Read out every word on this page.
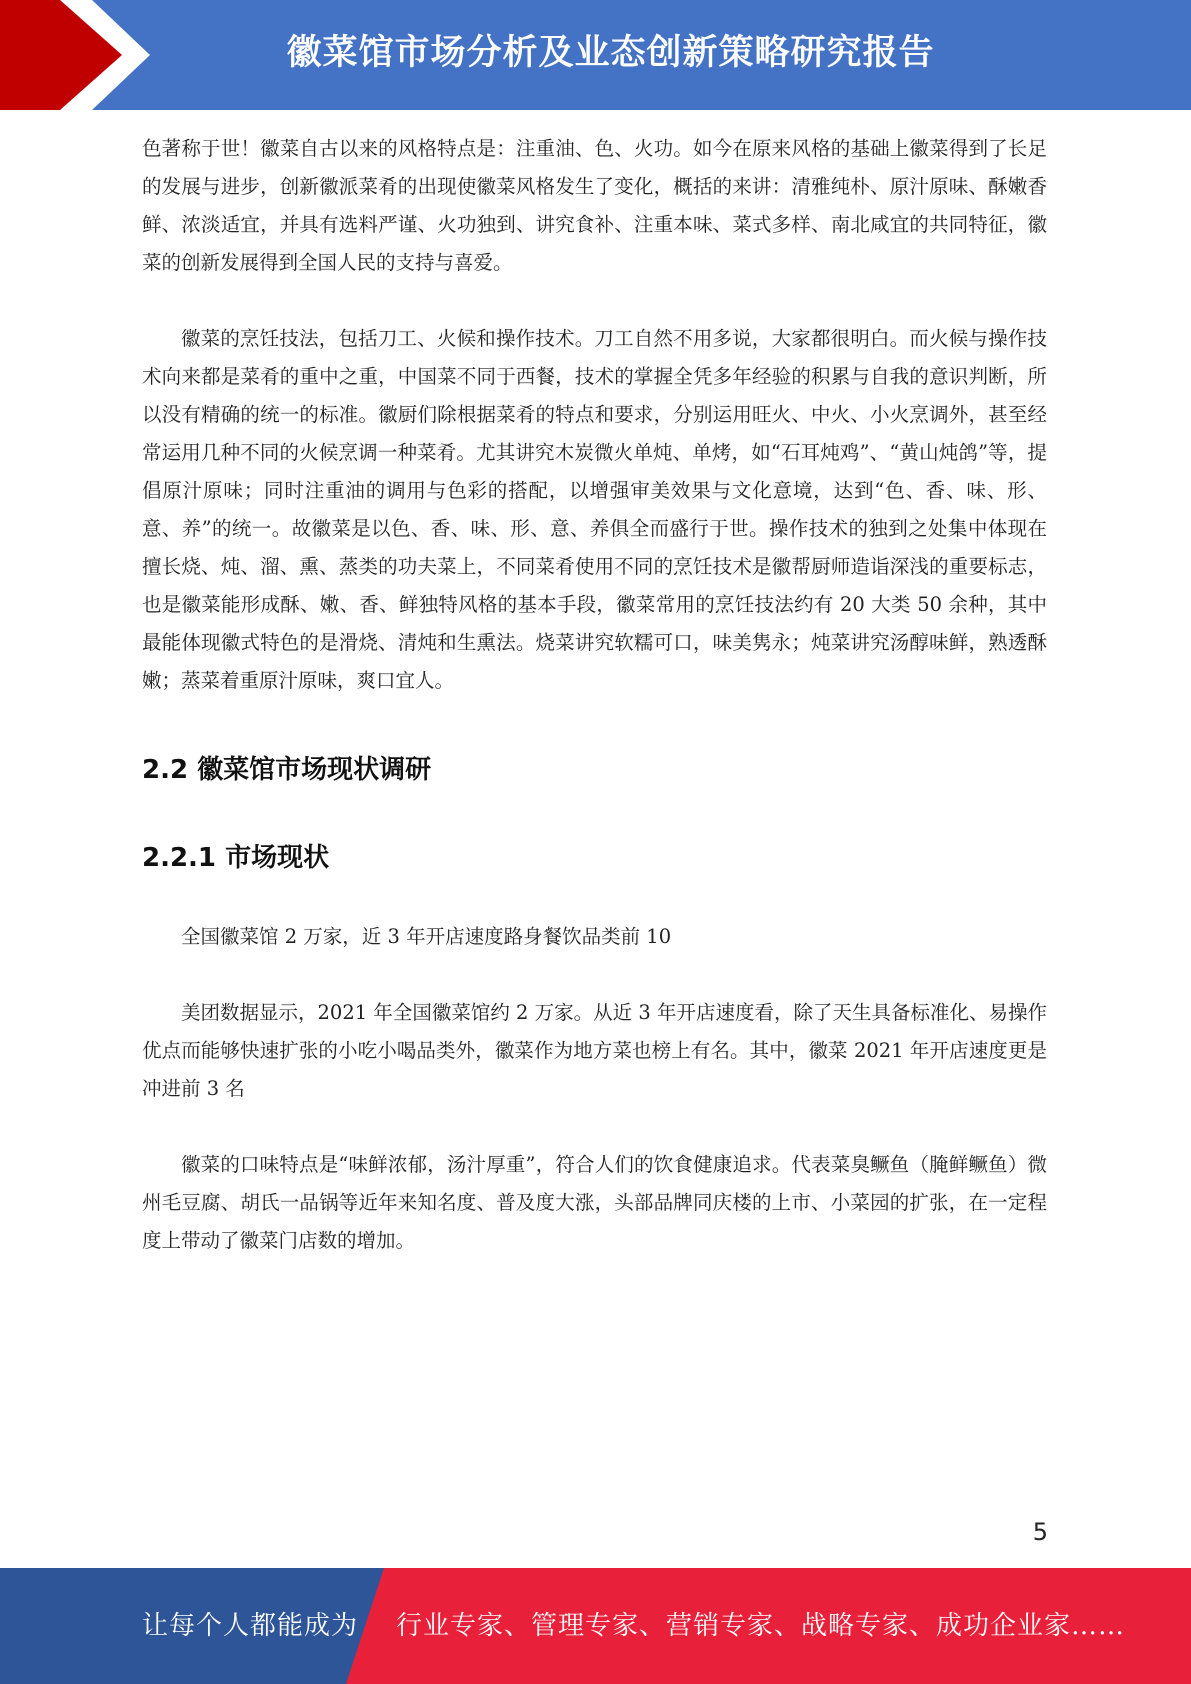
徽菜馆市场分析及业态创新策略研究报告

色著称于世！徽菜自古以来的风格特点是：注重油、色、火功。如今在原来风格的基础上徽菜得到了长足的发展与进步，创新徽派菜肴的出现使徽菜风格发生了变化，概括的来讲：清雅纯朴、原汁原味、酥嫩香鲜、浓淡适宜，并具有选料严谨、火功独到、讲究食补、注重本味、菜式多样、南北咸宜的共同特征，徽菜的创新发展得到全国人民的支持与喜爱。

徽菜的烹饪技法，包括刀工、火候和操作技术。刀工自然不用多说，大家都很明白。而火候与操作技术向来都是菜肴的重中之重，中国菜不同于西餐，技术的掌握全凭多年经验的积累与自我的意识判断，所以没有精确的统一的标准。徽厨们除根据菜肴的特点和要求，分别运用旺火、中火、小火烹调外，甚至经常运用几种不同的火候烹调一种菜肴。尤其讲究木炭微火单炖、单烤，如“石耳炖鸡”、“黄山炖鸽”等，提倡原汁原味；同时注重油的调用与色彩的搭配，以增强审美效果与文化意境，达到“色、香、味、形、意、养”的统一。故徽菜是以色、香、味、形、意、养俱全而盛行于世。操作技术的独到之处集中体现在擅长烧、炖、溜、熏、蒸类的功夫菜上，不同菜肴使用不同的烹饪技术是徽帮厨师造诣深浅的重要标志，也是徽菜能形成酥、嫩、香、鲜独特风格的基本手段，徽菜常用的烹饪技法约有 20 大类 50 余种，其中最能体现徽式特色的是滑烧、清炖和生熏法。烧菜讲究软糯可口，味美隽永；炖菜讲究汤醇味鲜，熟透酥嫩；蒸菜着重原汁原味，爽口宜人。

2.2 徽菜馆市场现状调研
2.2.1 市场现状

全国徽菜馆 2 万家，近 3 年开店速度路身餐饮品类前 10

美团数据显示，2021 年全国徽菜馆约 2 万家。从近 3 年开店速度看，除了天生具备标准化、易操作优点而能够快速扩张的小吃小喝品类外，徽菜作为地方菜也榜上有名。其中，徽菜 2021 年开店速度更是冲进前 3 名

徽菜的口味特点是“味鲜浓郁，汤汁厚重”，符合人们的饮食健康追求。代表菜臭鳜鱼（腌鲜鳜鱼）微州毛豆腐、胡氏一品锅等近年来知名度、普及度大涨，头部品牌同庆楼的上市、小菜园的扩张，在一定程度上带动了徽菜门店数的增加。

5
让每个人都能成为 行业专家、管理专家、营销专家、战略专家、成功企业家……
